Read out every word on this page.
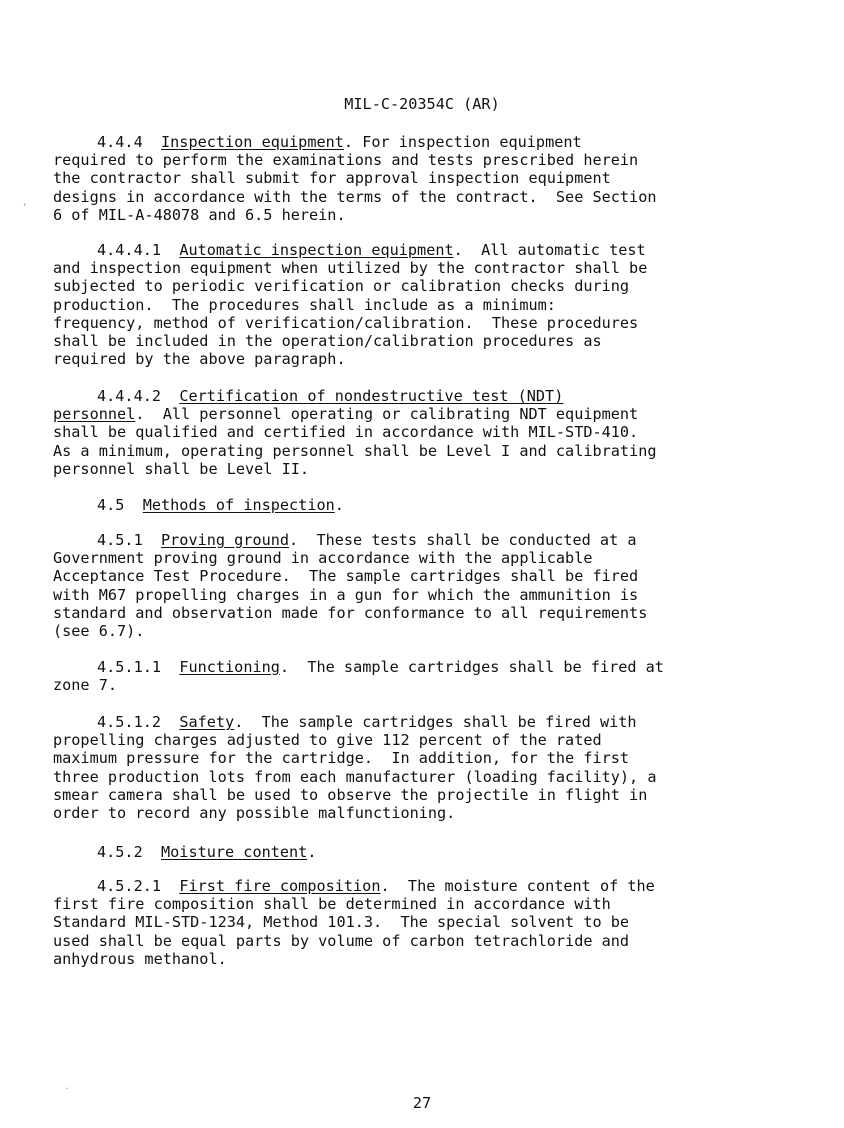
MIL-C-20354C (AR)
4.4.4 Inspection equipment. For inspection equipment
required to perform the examinations and tests prescribed herein
the contractor shall submit for approval inspection equipment
designs in accordance with the terms of the contract.  See Section
6 of MIL-A-48078 and 6.5 herein.
4.4.4.1 Automatic inspection equipment.  All automatic test
and inspection equipment when utilized by the contractor shall be
subjected to periodic verification or calibration checks during
production.  The procedures shall include as a minimum:
frequency, method of verification/calibration.  These procedures
shall be included in the operation/calibration procedures as
required by the above paragraph.
4.4.4.2 Certification of nondestructive test (NDT)
personnel.  All personnel operating or calibrating NDT equipment
shall be qualified and certified in accordance with MIL-STD-410.
As a minimum, operating personnel shall be Level I and calibrating
personnel shall be Level II.
4.5 Methods of inspection.
4.5.1 Proving ground.  These tests shall be conducted at a
Government proving ground in accordance with the applicable
Acceptance Test Procedure.  The sample cartridges shall be fired
with M67 propelling charges in a gun for which the ammunition is
standard and observation made for conformance to all requirements
(see 6.7).
4.5.1.1 Functioning.  The sample cartridges shall be fired at
zone 7.
4.5.1.2 Safety.  The sample cartridges shall be fired with
propelling charges adjusted to give 112 percent of the rated
maximum pressure for the cartridge.  In addition, for the first
three production lots from each manufacturer (loading facility), a
smear camera shall be used to observe the projectile in flight in
order to record any possible malfunctioning.
4.5.2 Moisture content.
4.5.2.1 First fire composition.  The moisture content of the
first fire composition shall be determined in accordance with
Standard MIL-STD-1234, Method 101.3.  The special solvent to be
used shall be equal parts by volume of carbon tetrachloride and
anhydrous methanol.
27
,
.
